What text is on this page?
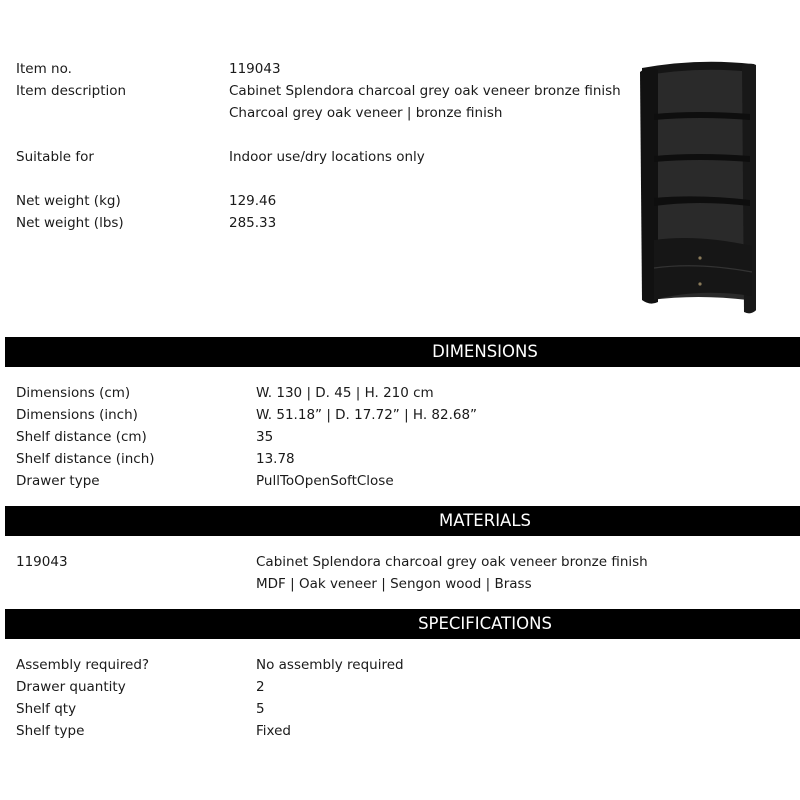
Item no.	119043
Item description	Cabinet Splendora charcoal grey oak veneer bronze finish
Charcoal grey oak veneer | bronze finish
Suitable for	Indoor use/dry locations only
Net weight (kg)	129.46
Net weight (lbs)	285.33
DIMENSIONS
Dimensions (cm)	W. 130 | D. 45 | H. 210 cm
Dimensions (inch)	W. 51.18” | D. 17.72” | H. 82.68”
Shelf distance (cm)	35
Shelf distance (inch)	13.78
Drawer type	PullToOpenSoftClose
MATERIALS
119043	Cabinet Splendora charcoal grey oak veneer bronze finish
MDF | Oak veneer | Sengon wood | Brass
SPECIFICATIONS
Assembly required?	No assembly required
Drawer quantity	2
Shelf qty	5
Shelf type	Fixed
